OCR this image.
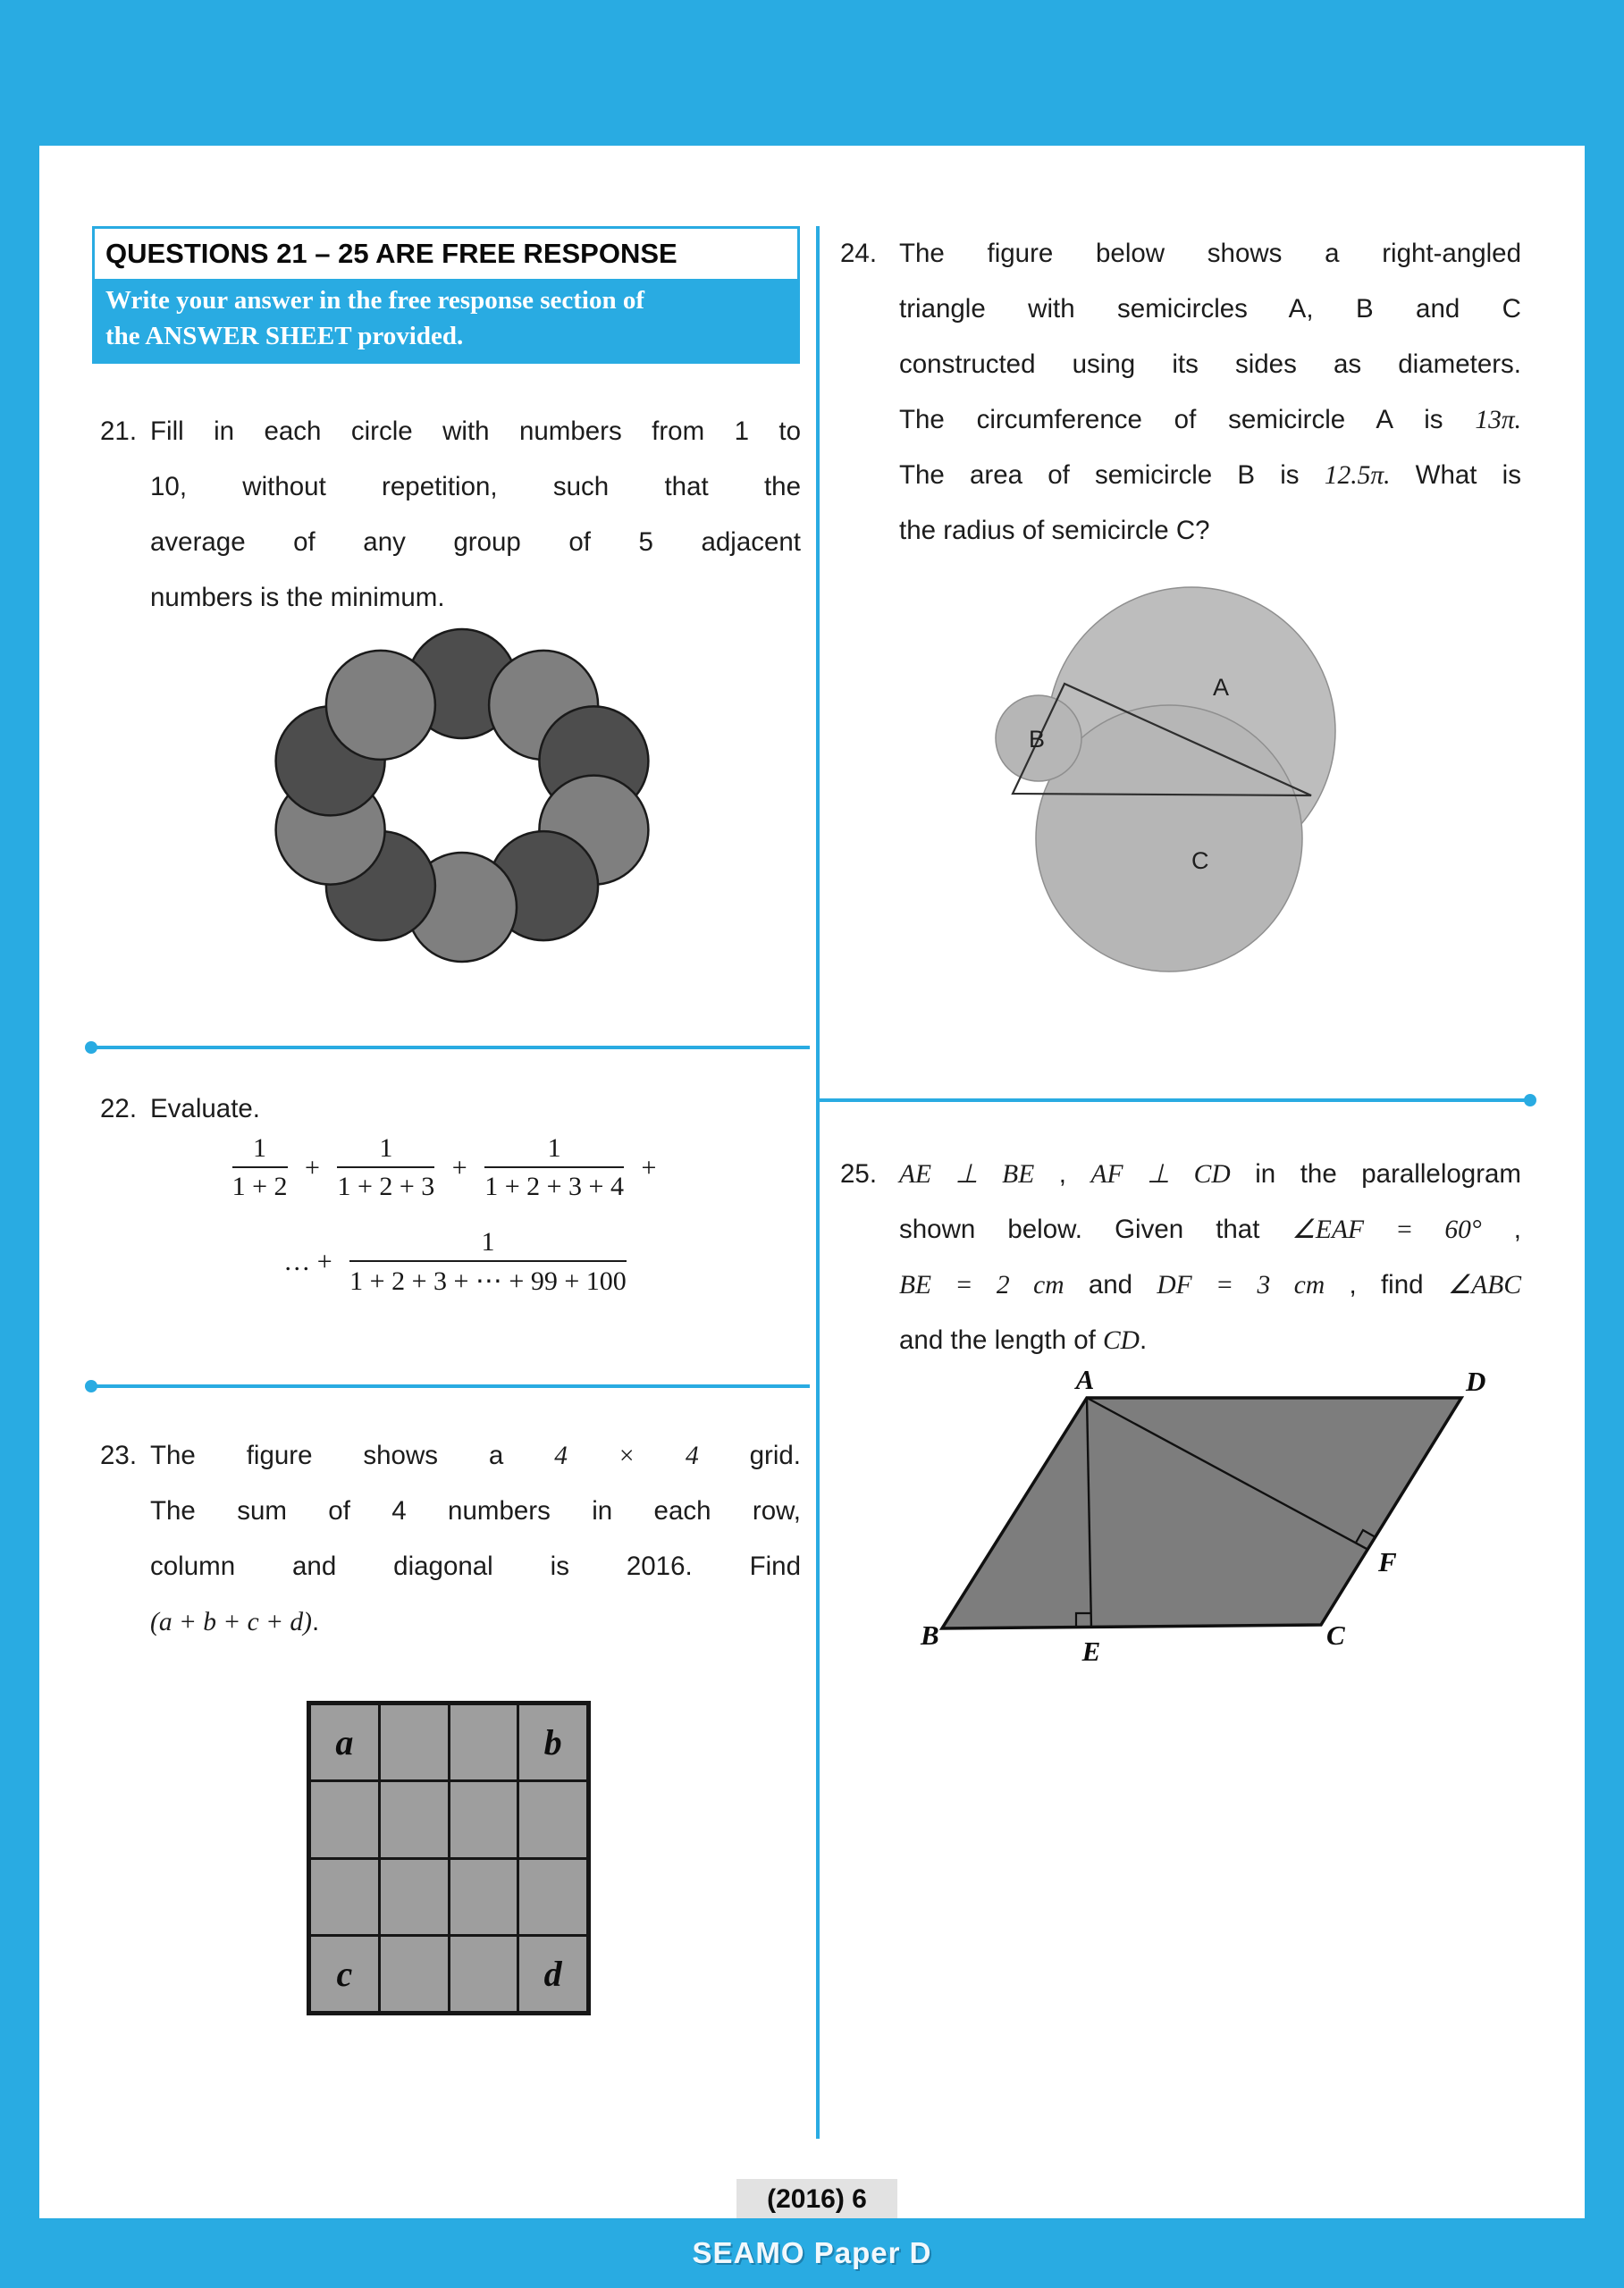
QUESTIONS 21 – 25 ARE FREE RESPONSE
Write your answer in the free response section of
the ANSWER SHEET provided.
21. Fill in each circle with numbers from 1 to
10, without repetition, such that the
average of any group of 5 adjacent
numbers is the minimum.
22. Evaluate.
$\frac{1}{1 + 2} + \frac{1}{1 + 2 + 3} + \frac{1}{1 + 2 + 3 + 4}$ +
… + $\frac{1}{1 + 2 + 3 + \cdots + 99 + 100}$
23. The figure shows a 4 × 4 grid.
The sum of 4 numbers in each row,
column and diagonal is 2016. Find
(a + b + c + d).
a	b
c	d
24. The figure below shows a right-angled
triangle with semicircles A, B and C
constructed using its sides as diameters.
The circumference of semicircle A is 13π.
The area of semicircle B is 12.5π. What is
the radius of semicircle C?
A
B
C
25. AE ⊥ BE , AF ⊥ CD in the parallelogram
shown below. Given that ∠EAF = 60° ,
BE = 2 cm and DF = 3 cm , find ∠ABC
and the length of CD.
A	D
B	C
E
F
(2016) 6
SEAMO Paper D
